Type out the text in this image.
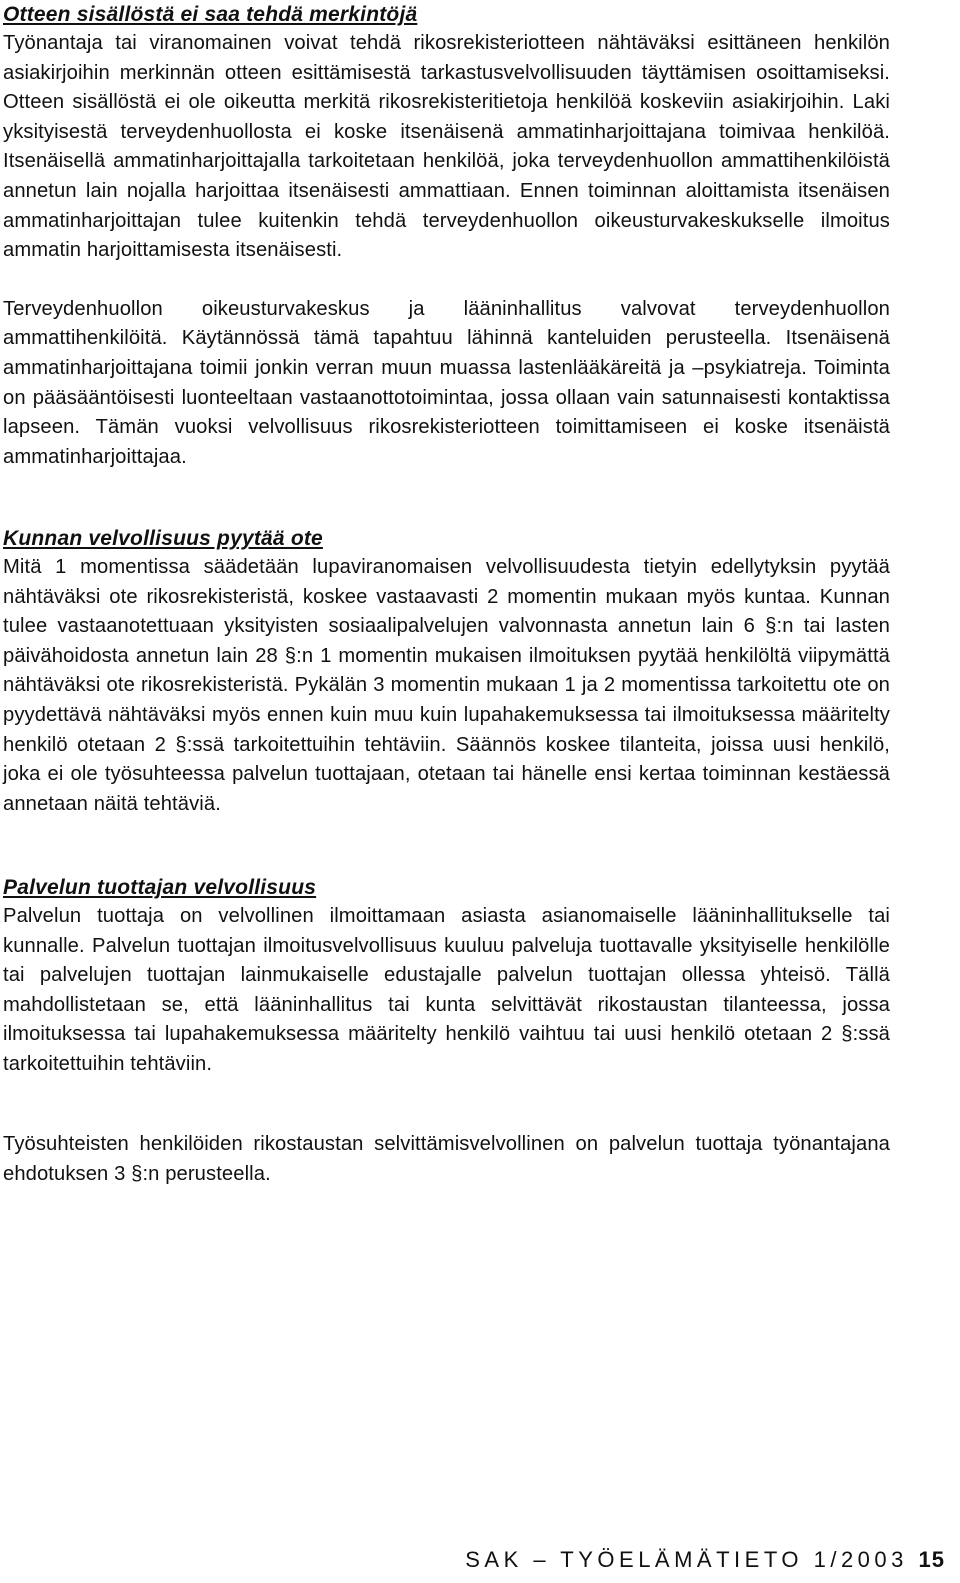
Otteen sisällöstä ei saa tehdä merkintöjä

Työnantaja tai viranomainen voivat tehdä rikosrekisteriotteen nähtäväksi esittäneen henkilön asiakirjoihin merkinnän otteen esittämisestä tarkastusvelvollisuuden täyttämisen osoittamiseksi. Otteen sisällöstä ei ole oikeutta merkitä rikosrekisteritietoja henkilöä koskeviin asiakirjoihin. Laki yksityisestä terveydenhuollosta ei koske itsenäisenä ammatinharjoittajana toimivaa henkilöä. Itsenäisellä ammatinharjoittajalla tarkoitetaan henkilöä, joka terveydenhuollon ammattihenkilöistä annetun lain nojalla harjoittaa itsenäisesti ammattiaan. Ennen toiminnan aloittamista itsenäisen ammatinharjoittajan tulee kuitenkin tehdä terveydenhuollon oikeusturvakeskukselle ilmoitus ammatin harjoittamisesta itsenäisesti.

Terveydenhuollon oikeusturvakeskus ja lääninhallitus valvovat terveydenhuollon ammattihenkilöitä. Käytännössä tämä tapahtuu lähinnä kanteluiden perusteella. Itsenäisenä ammatinharjoittajana toimii jonkin verran muun muassa lastenlääkäreitä ja –psykiatreja. Toiminta on pääsääntöisesti luonteeltaan vastaanottotoimintaa, jossa ollaan vain satunnaisesti kontaktissa lapseen. Tämän vuoksi velvollisuus rikosrekisteriotteen toimittamiseen ei koske itsenäistä ammatinharjoittajaa.

Kunnan velvollisuus pyytää ote

Mitä 1 momentissa säädetään lupaviranomaisen velvollisuudesta tietyin edellytyksin pyytää nähtäväksi ote rikosrekisteristä, koskee vastaavasti 2 momentin mukaan myös kuntaa. Kunnan tulee vastaanotettuaan yksityisten sosiaalipalvelujen valvonnasta annetun lain 6 §:n tai lasten päivähoidosta annetun lain 28 §:n 1 momentin mukaisen ilmoituksen pyytää henkilöltä viipymättä nähtäväksi ote rikosrekisteristä. Pykälän 3 momentin mukaan 1 ja 2 momentissa tarkoitettu ote on pyydettävä nähtäväksi myös ennen kuin muu kuin lupahakemuksessa tai ilmoituksessa määritelty henkilö otetaan 2 §:ssä tarkoitettuihin tehtäviin. Säännös koskee tilanteita, joissa uusi henkilö, joka ei ole työsuhteessa palvelun tuottajaan, otetaan tai hänelle ensi kertaa toiminnan kestäessä annetaan näitä tehtäviä.

Palvelun tuottajan velvollisuus

Palvelun tuottaja on velvollinen ilmoittamaan asiasta asianomaiselle lääninhallitukselle tai kunnalle. Palvelun tuottajan ilmoitusvelvollisuus kuuluu palveluja tuottavalle yksityiselle henkilölle tai palvelujen tuottajan lainmukaiselle edustajalle palvelun tuottajan ollessa yhteisö. Tällä mahdollistetaan se, että lääninhallitus tai kunta selvittävät rikostaustan tilanteessa, jossa ilmoituksessa tai lupahakemuksessa määritelty henkilö vaihtuu tai uusi henkilö otetaan 2 §:ssä tarkoitettuihin tehtäviin.

Työsuhteisten henkilöiden rikostaustan selvittämisvelvollinen on palvelun tuottaja työnantajana ehdotuksen 3 §:n perusteella.

SAK – TYÖELÄMÄTIETO 1/2003 15
